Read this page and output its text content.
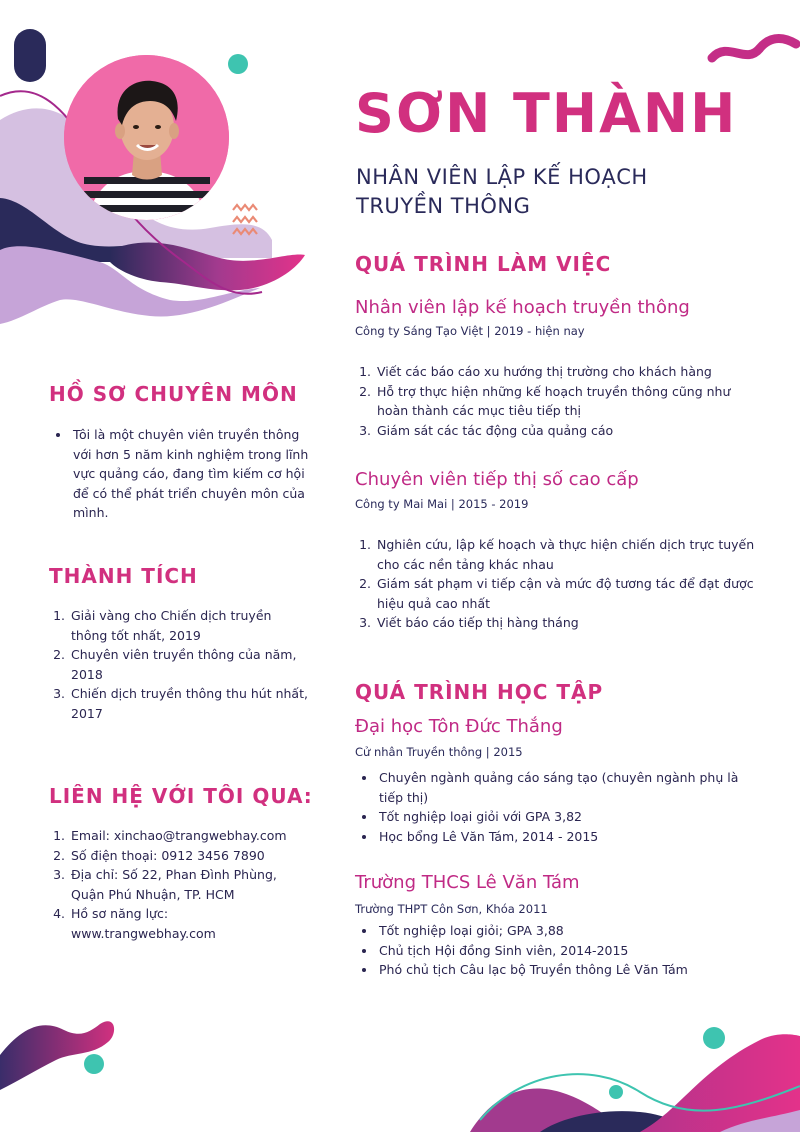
SƠN THÀNH
NHÂN VIÊN LẬP KẾ HOẠCH TRUYỀN THÔNG
HỒ SƠ CHUYÊN MÔN
• Tôi là một chuyên viên truyền thông với hơn 5 năm kinh nghiệm trong lĩnh vực quảng cáo, đang tìm kiếm cơ hội để có thể phát triển chuyên môn của mình.
THÀNH TÍCH
1. Giải vàng cho Chiến dịch truyền thông tốt nhất, 2019
2. Chuyên viên truyền thông của năm, 2018
3. Chiến dịch truyền thông thu hút nhất, 2017
LIÊN HỆ VỚI TÔI QUA:
1. Email: xinchao@trangwebhay.com
2. Số điện thoại: 0912 3456 7890
3. Địa chỉ: Số 22, Phan Đình Phùng, Quận Phú Nhuận, TP. HCM
4. Hồ sơ năng lực: www.trangwebhay.com
QUÁ TRÌNH LÀM VIỆC
Nhân viên lập kế hoạch truyền thông

Công ty Sáng Tạo Việt | 2019 - hiện nay

1. Viết các báo cáo xu hướng thị trường cho khách hàng
2. Hỗ trợ thực hiện những kế hoạch truyền thông cũng như hoàn thành các mục tiêu tiếp thị
3. Giám sát các tác động của quảng cáo
Chuyên viên tiếp thị số cao cấp

Công ty Mai Mai | 2015 - 2019

1. Nghiên cứu, lập kế hoạch và thực hiện chiến dịch trực tuyến cho các nền tảng khác nhau
2. Giám sát phạm vi tiếp cận và mức độ tương tác để đạt được hiệu quả cao nhất
3. Viết báo cáo tiếp thị hàng tháng
QUÁ TRÌNH HỌC TẬP
Đại học Tôn Đức Thắng

Cử nhân Truyền thông | 2015

• Chuyên ngành quảng cáo sáng tạo (chuyên ngành phụ là tiếp thị)
• Tốt nghiệp loại giỏi với GPA 3,82
• Học bổng Lê Văn Tám, 2014 - 2015
Trường THCS Lê Văn Tám

Trường THPT Côn Sơn, Khóa 2011

• Tốt nghiệp loại giỏi; GPA 3,88
• Chủ tịch Hội đồng Sinh viên, 2014-2015
• Phó chủ tịch Câu lạc bộ Truyền thông Lê Văn Tám
